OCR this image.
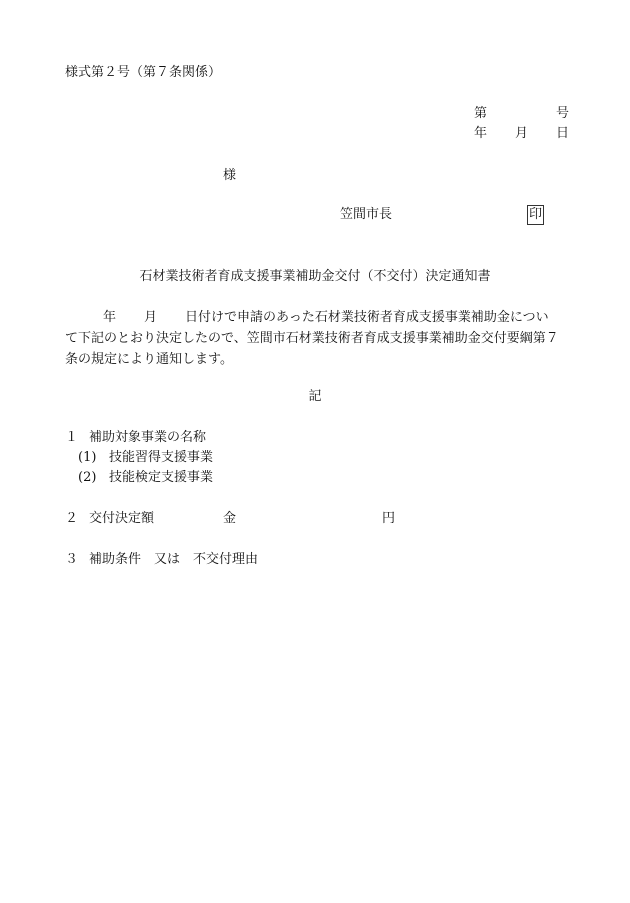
様式第２号（第７条関係）
第	号
年 月 日
様
笠間市長	印
石材業技術者育成支援事業補助金交付（不交付）決定通知書
年 月 日付けで申請のあった石材業技術者育成支援事業補助金につい
て下記のとおり決定したので、笠間市石材業技術者育成支援事業補助金交付要綱第７
条の規定により通知します。
記
１ 補助対象事業の名称
(1) 技能習得支援事業
(2) 技能検定支援事業
２ 交付決定額	金	円
３ 補助条件　又は　不交付理由
